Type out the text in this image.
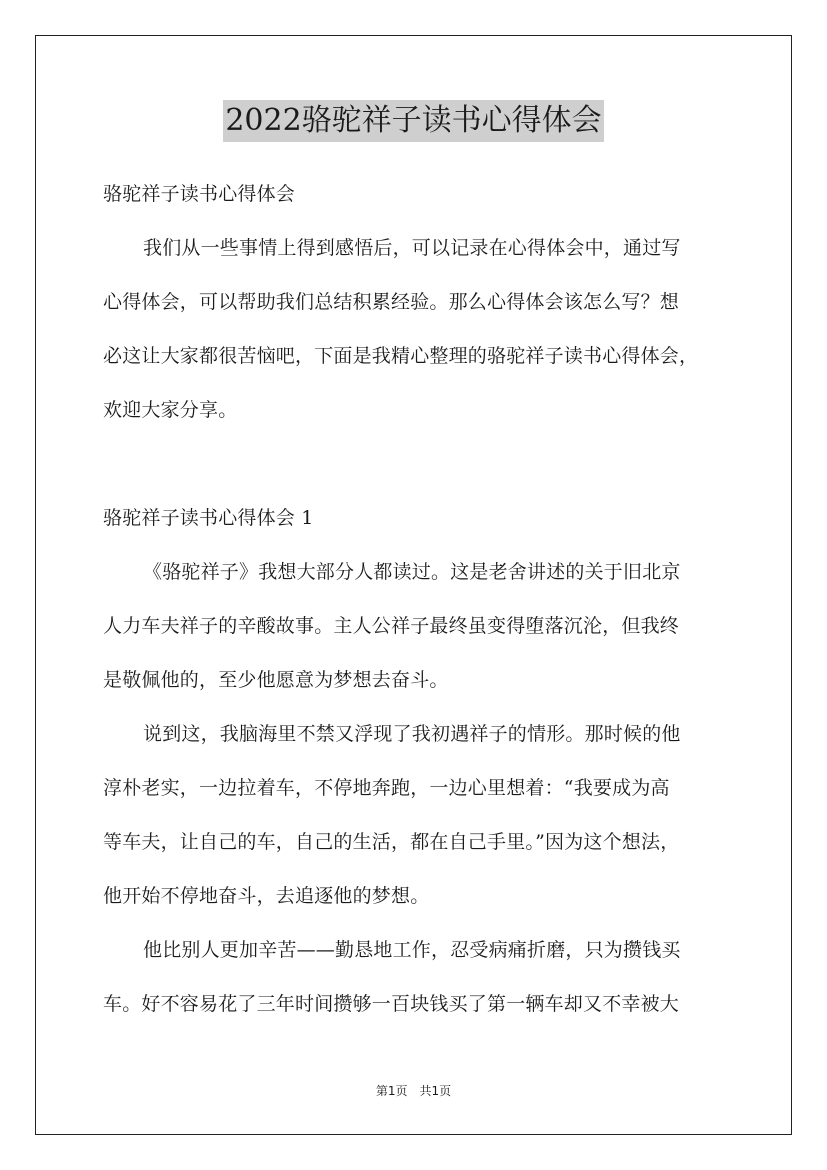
2022骆驼祥子读书心得体会
骆驼祥子读书心得体会
我们从一些事情上得到感悟后，可以记录在心得体会中，通过写
心得体会，可以帮助我们总结积累经验。那么心得体会该怎么写？想
必这让大家都很苦恼吧，下面是我精心整理的骆驼祥子读书心得体会，
欢迎大家分享。
骆驼祥子读书心得体会 1
《骆驼祥子》我想大部分人都读过。这是老舍讲述的关于旧北京
人力车夫祥子的辛酸故事。主人公祥子最终虽变得堕落沉沦，但我终
是敬佩他的，至少他愿意为梦想去奋斗。
说到这，我脑海里不禁又浮现了我初遇祥子的情形。那时候的他
淳朴老实，一边拉着车，不停地奔跑，一边心里想着：“我要成为高
等车夫，让自己的车，自己的生活，都在自己手里。”因为这个想法，
他开始不停地奋斗，去追逐他的梦想。
他比别人更加辛苦——勤恳地工作，忍受病痛折磨，只为攒钱买
车。好不容易花了三年时间攒够一百块钱买了第一辆车却又不幸被大
第1页　共1页
